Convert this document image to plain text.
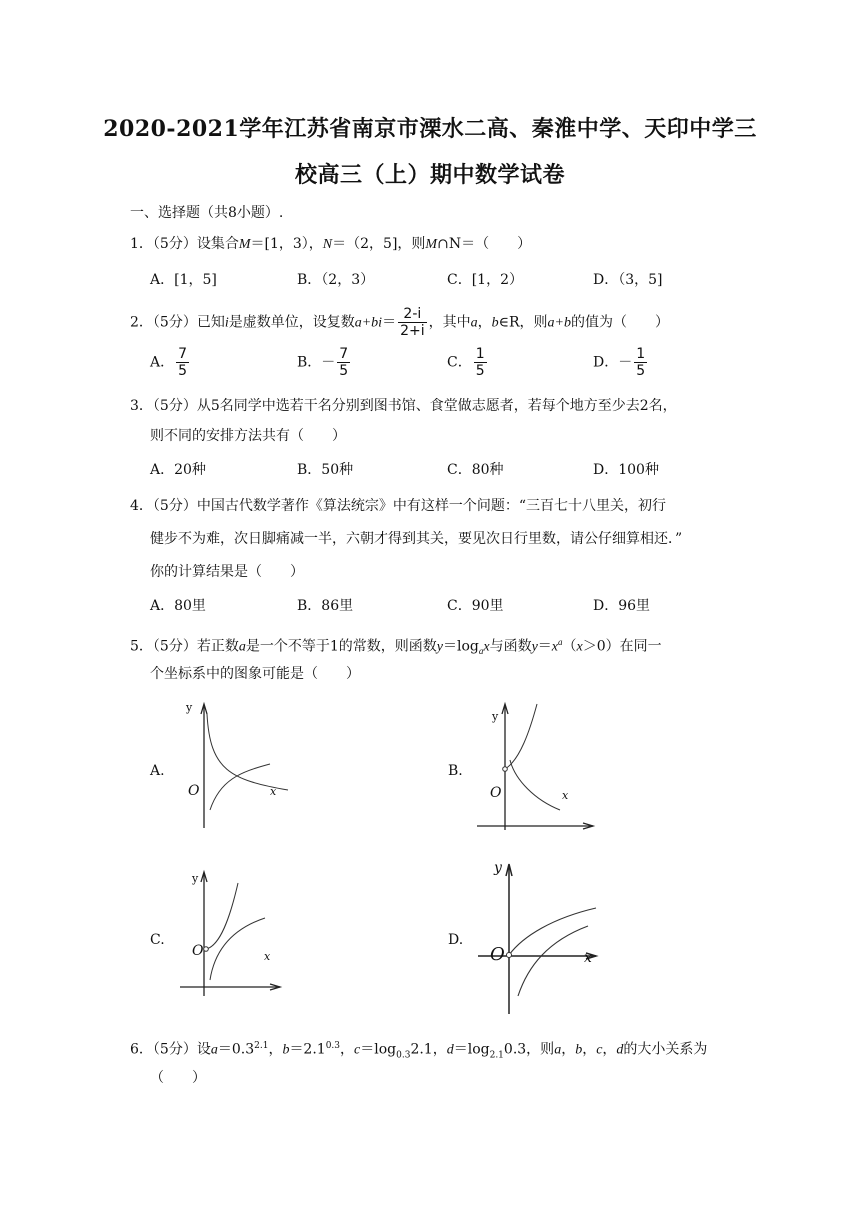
2020-2021学年江苏省南京市溧水二高、秦淮中学、天印中学三
校高三（上）期中数学试卷
一、选择题（共8小题）.
1．（5分）设集合M＝[1，3），N＝（2，5]，则M∩N＝（　　）
A．[1，5]	B．（2，3）	C．[1，2）	D．（3，5]
2．（5分）已知i是虚数单位，设复数$a+bi= \frac{2-i}{2+i}$ ，其中a，b∈R，则a+b的值为（　　）
A． $\frac{7}{5}$	B．－ $\frac{7}{5}$	C． $\frac{1}{5}$	D．－ $\frac{1}{5}$
3．（5分）从5名同学中选若干名分别到图书馆、食堂做志愿者，若每个地方至少去2名，
则不同的安排方法共有（　　）
A．20种	B．50种	C．80种	D．100种
4．（5分）中国古代数学著作《算法统宗》中有这样一个问题：“三百七十八里关，初行
健步不为难，次日脚痛减一半，六朝才得到其关，要见次日行里数，请公仔细算相还．”
你的计算结果是（　　）
A．80里	B．86里	C．90里	D．96里
5．（5分）若正数a是一个不等于1的常数，则函数$y=\log_ax$与函数$y=x^a(x>0)$在同一
个坐标系中的图象可能是（　　）
A.	B.
C.	D.
y
x
O
y
x
O
y
x
O
y
x
O
6．（5分）设$a=0.3^{2.1}$，$b=2.1^{0.3}$，$c=\log_{0.3}2.1$，$d=\log_{2.1}0.3$，则a，b，c，d的大小关系为
（　　）
